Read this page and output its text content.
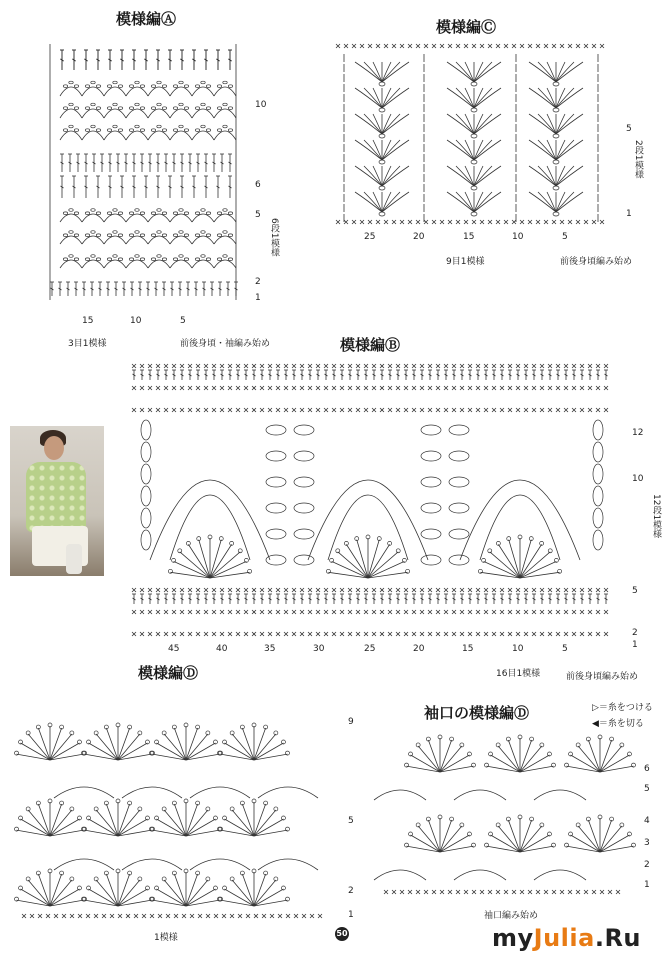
模様編Ⓐ	模様編Ⓒ
模様編Ⓑ
模様編Ⓓ
袖口の模様編Ⓓ
10
6
5
2
1
6段1模様
15	10	5
3目1模様	前後身頃・袖編み始め
5
1
2段1模様
25	20	15	10	5
9目1模様	前後身頃編み始め
12
10
5
2
1
12段1模様
45	40	35	30	25	20	15	10	5
16目1模様	前後身頃編み始め
9
5
2
1
1模様
6
5
4
3
2
1
袖口編み始め
▷＝糸をつける
◀＝糸を切る
50	myJulia.Ru
